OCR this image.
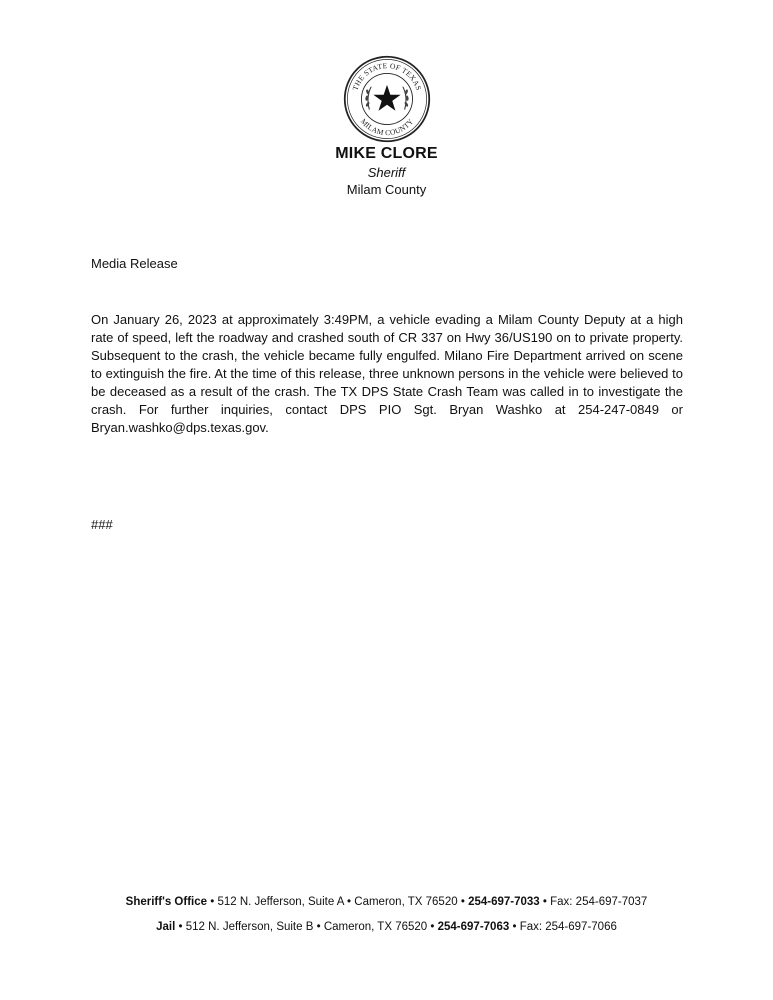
THE STATE OF TEXAS
MILAM COUNTY
MIKE CLORE
Sheriff
Milam County
Media Release
On January 26, 2023 at approximately 3:49PM, a vehicle evading a Milam County Deputy at a high rate of speed, left the roadway and crashed south of CR 337 on Hwy 36/US190 on to private property. Subsequent to the crash, the vehicle became fully engulfed. Milano Fire Department arrived on scene to extinguish the fire. At the time of this release, three unknown persons in the vehicle were believed to be deceased as a result of the crash. The TX DPS State Crash Team was called in to investigate the crash. For further inquiries, contact DPS PIO Sgt. Bryan Washko at 254-247-0849 or Bryan.washko@dps.texas.gov.
###
Sheriff's Office • 512 N. Jefferson, Suite A • Cameron, TX 76520 • 254-697-7033 • Fax: 254-697-7037
Jail • 512 N. Jefferson, Suite B • Cameron, TX 76520 • 254-697-7063 • Fax: 254-697-7066
